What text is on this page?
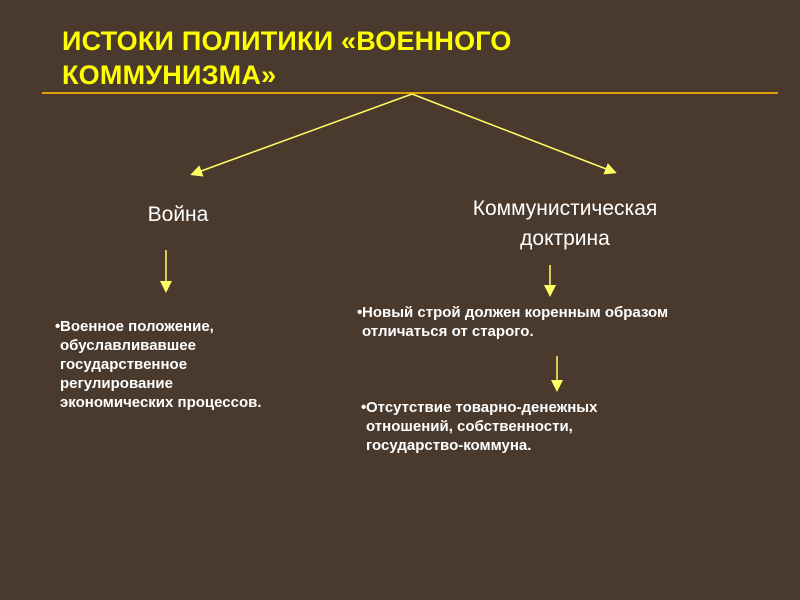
ИСТОКИ ПОЛИТИКИ «ВОЕННОГО
КОММУНИЗМА»
Война	Коммунистическая
доктрина
• Военное положение,
обуславливавшее
государственное
регулирование
экономических процессов.
• Новый строй должен коренным образом
отличаться от старого.
• Отсутствие товарно-денежных
отношений, собственности,
государство-коммуна.
